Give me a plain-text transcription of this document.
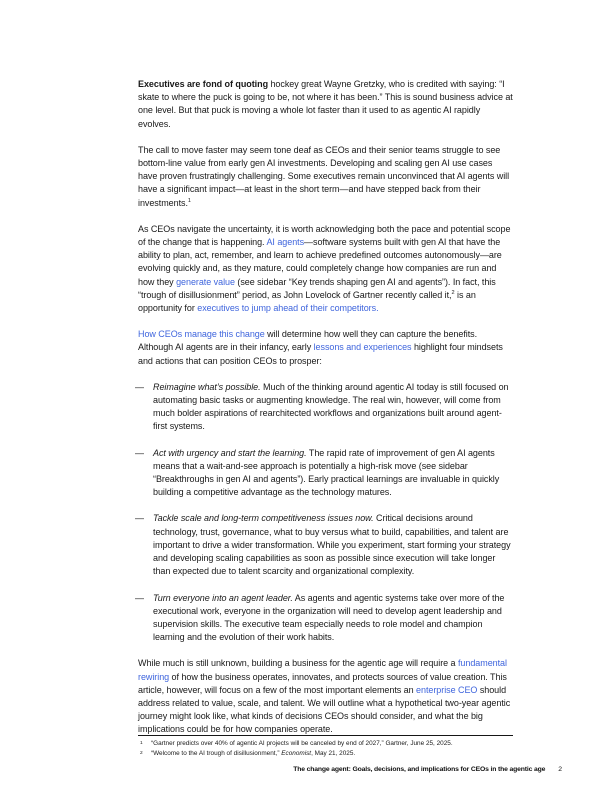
Executives are fond of quoting hockey great Wayne Gretzky, who is credited with saying: “I skate to where the puck is going to be, not where it has been.” This is sound business advice at one level. But that puck is moving a whole lot faster than it used to as agentic AI rapidly evolves.

The call to move faster may seem tone deaf as CEOs and their senior teams struggle to see bottom-line value from early gen AI investments. Developing and scaling gen AI use cases have proven frustratingly challenging. Some executives remain unconvinced that AI agents will have a significant impact—at least in the short term—and have stepped back from their investments.$^1$

As CEOs navigate the uncertainty, it is worth acknowledging both the pace and potential scope of the change that is happening. AI agents—software systems built with gen AI that have the ability to plan, act, remember, and learn to achieve predefined outcomes autonomously—are evolving quickly and, as they mature, could completely change how companies are run and how they generate value (see sidebar “Key trends shaping gen AI and agents”). In fact, this “trough of disillusionment” period, as John Lovelock of Gartner recently called it,$^2$ is an opportunity for executives to jump ahead of their competitors.

How CEOs manage this change will determine how well they can capture the benefits. Although AI agents are in their infancy, early lessons and experiences highlight four mindsets and actions that can position CEOs to prosper:

—	Reimagine what’s possible. Much of the thinking around agentic AI today is still focused on automating basic tasks or augmenting knowledge. The real win, however, will come from much bolder aspirations of rearchitected workflows and organizations built around agent-first systems.

—	Act with urgency and start the learning. The rapid rate of improvement of gen AI agents means that a wait-and-see approach is potentially a high-risk move (see sidebar “Breakthroughs in gen AI and agents”). Early practical learnings are invaluable in quickly building a competitive advantage as the technology matures.

—	Tackle scale and long-term competitiveness issues now. Critical decisions around technology, trust, governance, what to buy versus what to build, capabilities, and talent are important to drive a wider transformation. While you experiment, start forming your strategy and developing scaling capabilities as soon as possible since execution will take longer than expected due to talent scarcity and organizational complexity.

—	Turn everyone into an agent leader. As agents and agentic systems take over more of the executional work, everyone in the organization will need to develop agent leadership and supervision skills. The executive team especially needs to role model and champion learning and the evolution of their work habits.

While much is still unknown, building a business for the agentic age will require a fundamental rewiring of how the business operates, innovates, and protects sources of value creation. This article, however, will focus on a few of the most important elements an enterprise CEO should address related to value, scale, and talent. We will outline what a hypothetical two-year agentic journey might look like, what kinds of decisions CEOs should consider, and what the big implications could be for how companies operate.

1	“Gartner predicts over 40% of agentic AI projects will be canceled by end of 2027,” Gartner, June 25, 2025.
2	“Welcome to the AI trough of disillusionment,” Economist, May 21, 2025.
The change agent: Goals, decisions, and implications for CEOs in the agentic age 2
